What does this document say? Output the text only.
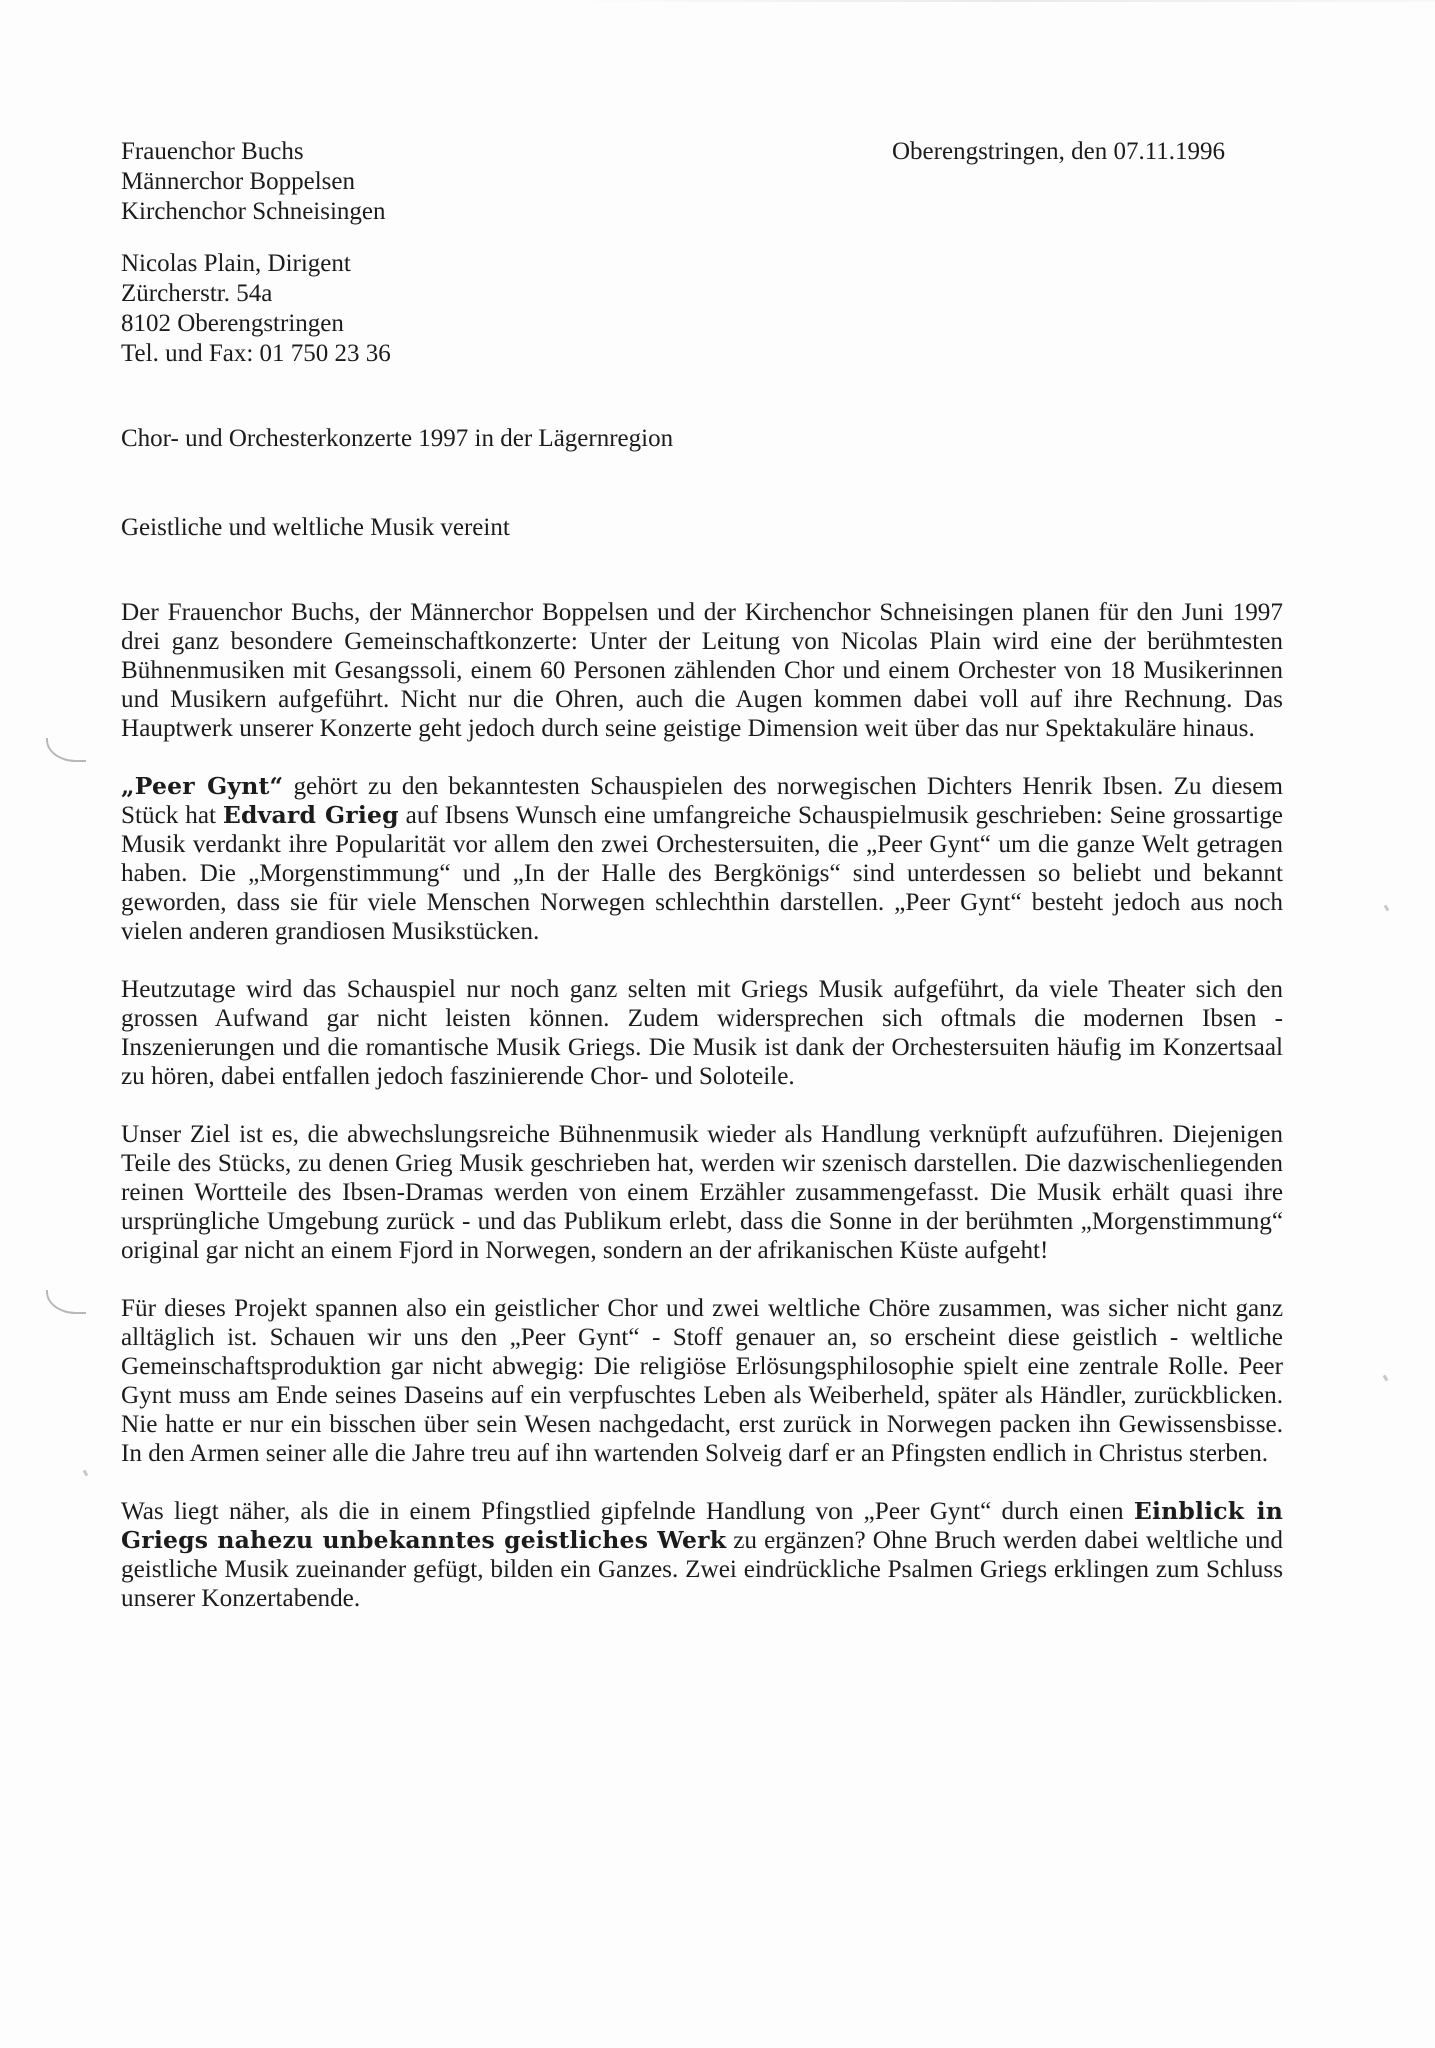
Frauenchor Buchs
Männerchor Boppelsen
Kirchenchor Schneisingen
Oberengstringen, den 07.11.1996
Nicolas Plain, Dirigent
Zürcherstr. 54a
8102 Oberengstringen
Tel. und Fax: 01 750 23 36
Chor- und Orchesterkonzerte 1997 in der Lägernregion
Geistliche und weltliche Musik vereint

Der Frauenchor Buchs, der Männerchor Boppelsen und der Kirchenchor Schneisingen planen für den Juni 1997 drei ganz besondere Gemeinschaftkonzerte: Unter der Leitung von Nicolas Plain wird eine der berühmtesten Bühnenmusiken mit Gesangssoli, einem 60 Personen zählenden Chor und einem Orchester von 18 Musikerinnen und Musikern aufgeführt. Nicht nur die Ohren, auch die Augen kommen dabei voll auf ihre Rechnung. Das Hauptwerk unserer Konzerte geht jedoch durch seine geistige Dimension weit über das nur Spektakuläre hinaus.

„Peer Gynt“ gehört zu den bekanntesten Schauspielen des norwegischen Dichters Henrik Ibsen. Zu diesem Stück hat Edvard Grieg auf Ibsens Wunsch eine umfangreiche Schauspielmusik geschrieben: Seine grossartige Musik verdankt ihre Popularität vor allem den zwei Orchestersuiten, die „Peer Gynt“ um die ganze Welt getragen haben. Die „Morgenstimmung“ und „In der Halle des Bergkönigs“ sind unterdessen so beliebt und bekannt geworden, dass sie für viele Menschen Norwegen schlechthin darstellen. „Peer Gynt“ besteht jedoch aus noch vielen anderen grandiosen Musikstücken.

Heutzutage wird das Schauspiel nur noch ganz selten mit Griegs Musik aufgeführt, da viele Theater sich den grossen Aufwand gar nicht leisten können. Zudem widersprechen sich oftmals die modernen Ibsen - Inszenierungen und die romantische Musik Griegs. Die Musik ist dank der Orchestersuiten häufig im Konzertsaal zu hören, dabei entfallen jedoch faszinierende Chor- und Soloteile.

Unser Ziel ist es, die abwechslungsreiche Bühnenmusik wieder als Handlung verknüpft aufzuführen. Diejenigen Teile des Stücks, zu denen Grieg Musik geschrieben hat, werden wir szenisch darstellen. Die dazwischenliegenden reinen Wortteile des Ibsen-Dramas werden von einem Erzähler zusammengefasst. Die Musik erhält quasi ihre ursprüngliche Umgebung zurück - und das Publikum erlebt, dass die Sonne in der berühmten „Morgenstimmung“ original gar nicht an einem Fjord in Norwegen, sondern an der afrikanischen Küste aufgeht!

Für dieses Projekt spannen also ein geistlicher Chor und zwei weltliche Chöre zusammen, was sicher nicht ganz alltäglich ist. Schauen wir uns den „Peer Gynt“ - Stoff genauer an, so erscheint diese geistlich - weltliche Gemeinschaftsproduktion gar nicht abwegig: Die religiöse Erlösungsphilosophie spielt eine zentrale Rolle. Peer Gynt muss am Ende seines Daseins auf ein verpfuschtes Leben als Weiberheld, später als Händler, zurückblicken. Nie hatte er nur ein bisschen über sein Wesen nachgedacht, erst zurück in Norwegen packen ihn Gewissensbisse. In den Armen seiner alle die Jahre treu auf ihn wartenden Solveig darf er an Pfingsten endlich in Christus sterben.

Was liegt näher, als die in einem Pfingstlied gipfelnde Handlung von „Peer Gynt“ durch einen Einblick in Griegs nahezu unbekanntes geistliches Werk zu ergänzen? Ohne Bruch werden dabei weltliche und geistliche Musik zueinander gefügt, bilden ein Ganzes. Zwei eindrückliche Psalmen Griegs erklingen zum Schluss unserer Konzertabende.
